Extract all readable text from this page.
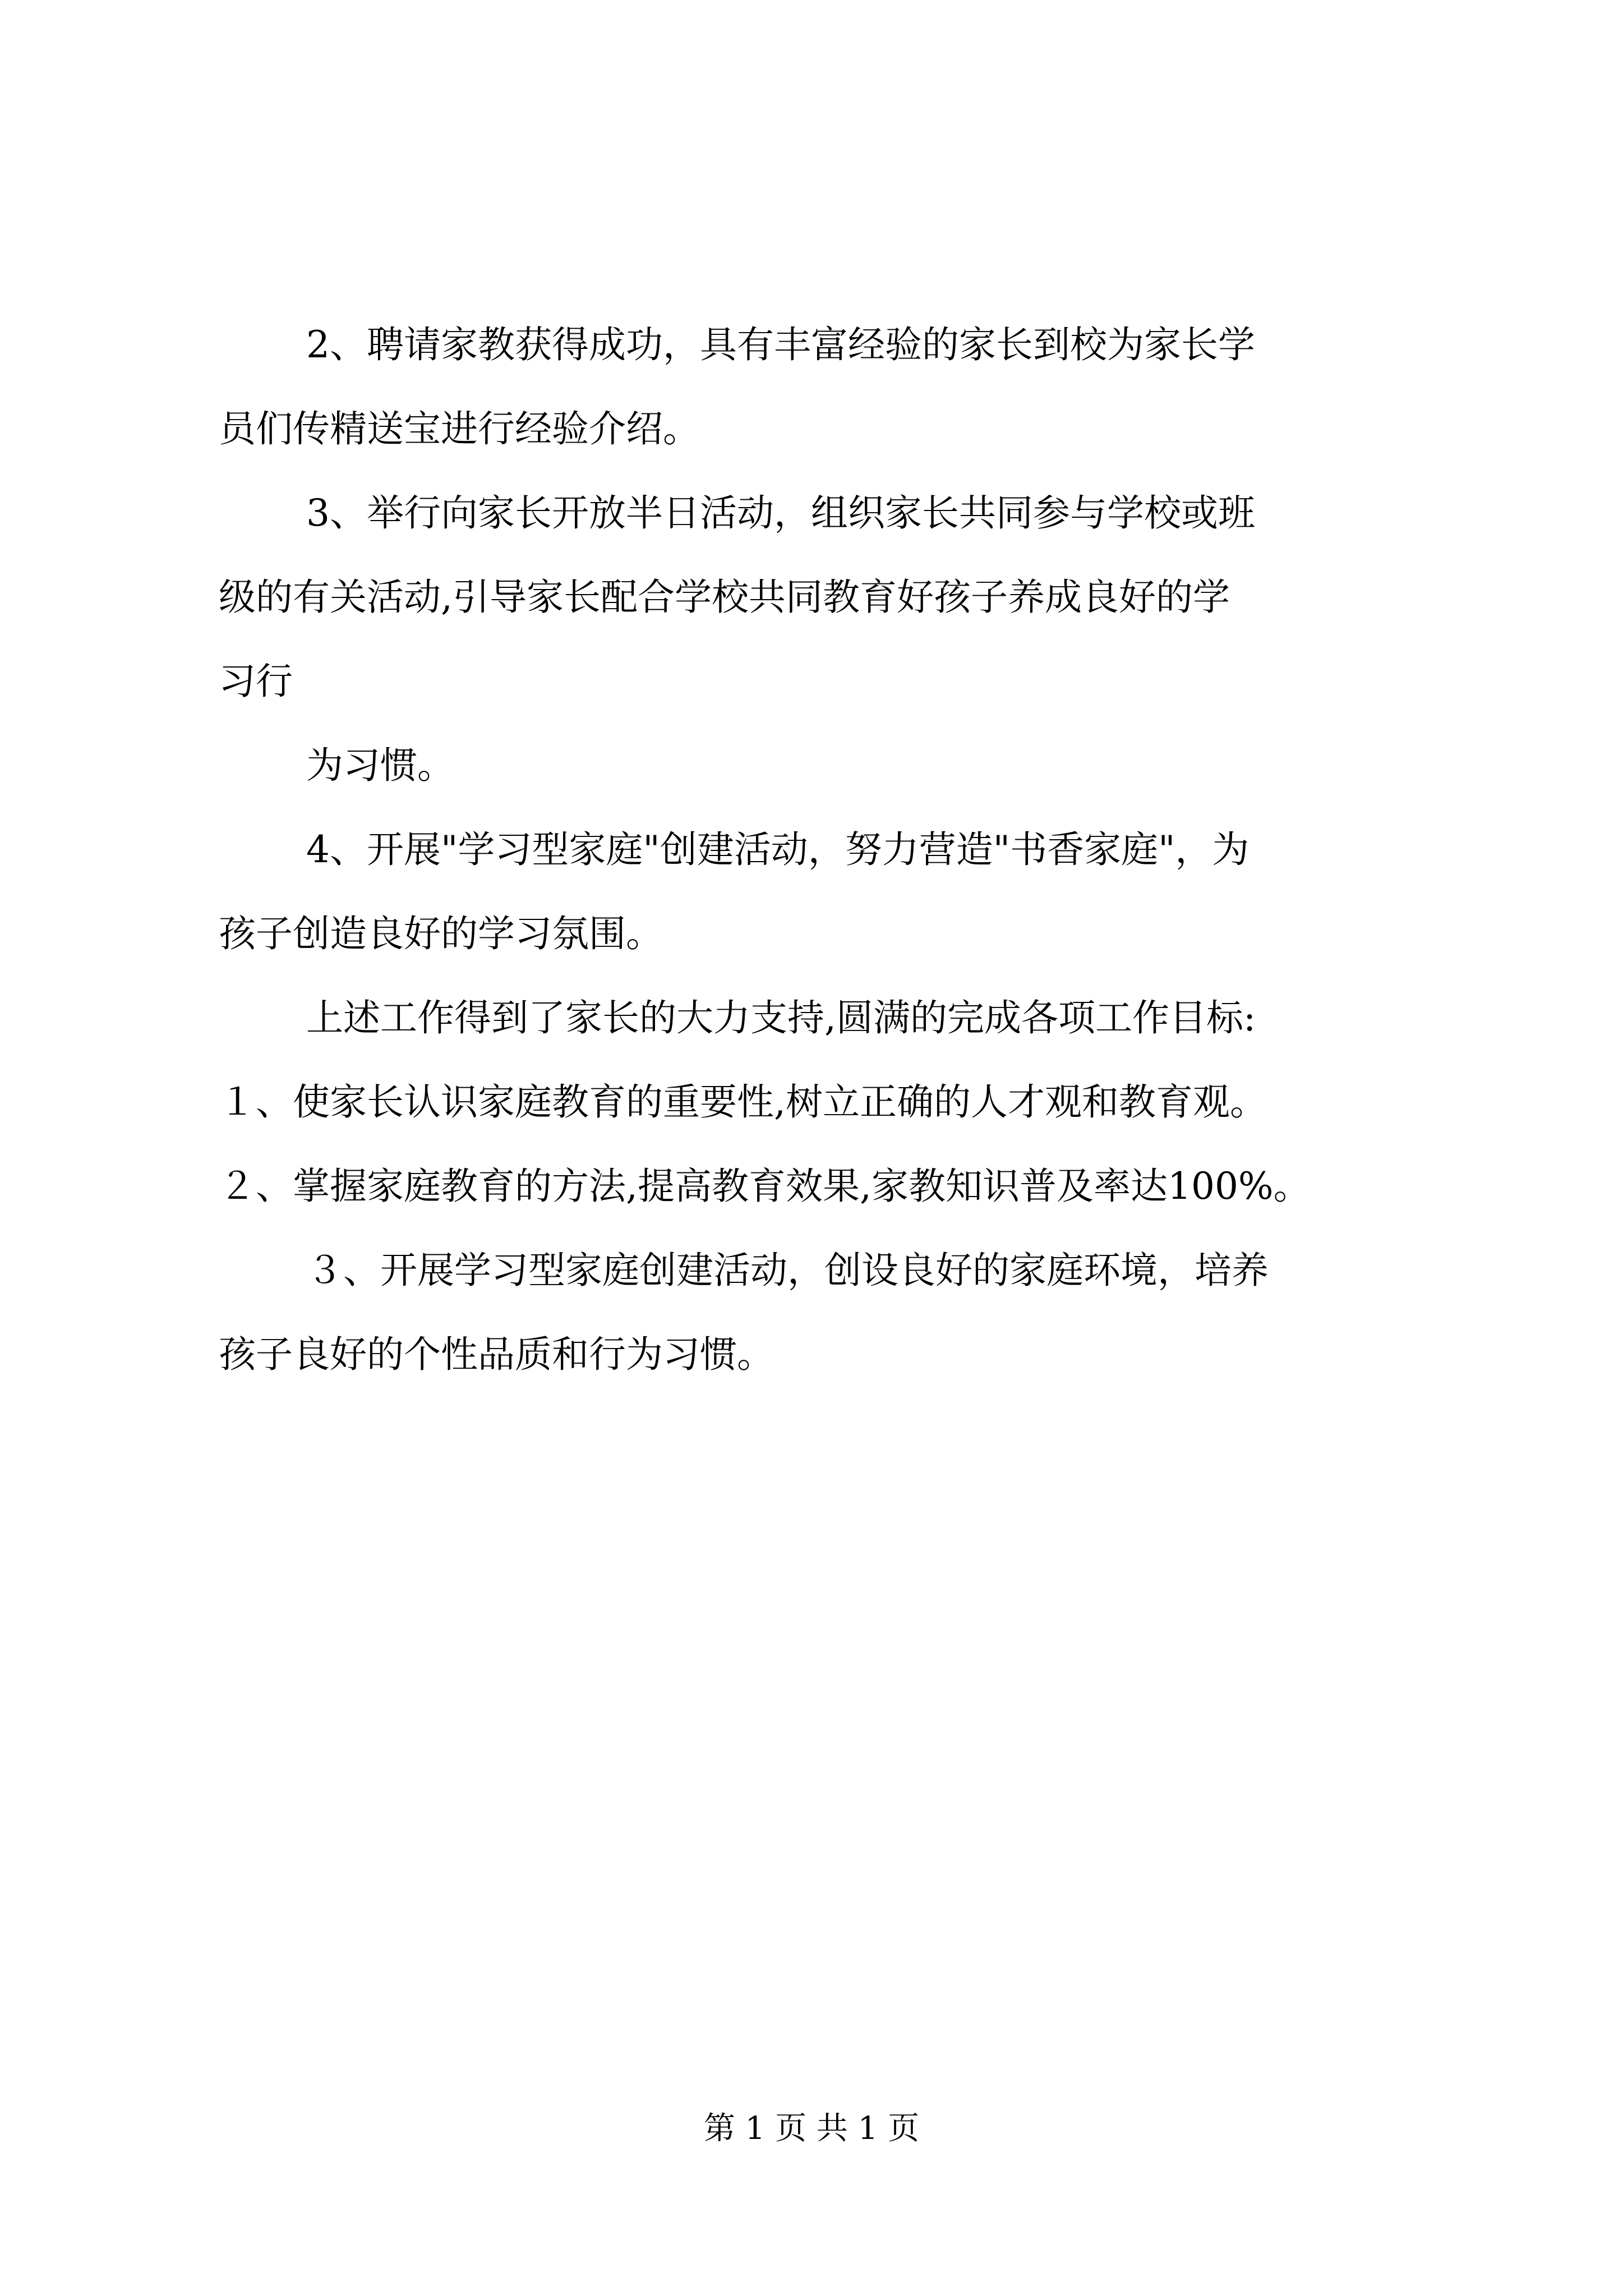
2、聘请家教获得成功，具有丰富经验的家长到校为家长学
员们传精送宝进行经验介绍。

3、举行向家长开放半日活动，组织家长共同参与学校或班
级的有关活动,引导家长配合学校共同教育好孩子养成良好的学
习行

为习惯。

4、开展"学习型家庭"创建活动，努力营造"书香家庭"，为
孩子创造良好的学习氛围。

上述工作得到了家长的大力支持,圆满的完成各项工作目标:

１、使家长认识家庭教育的重要性,树立正确的人才观和教育观。

２、掌握家庭教育的方法,提高教育效果,家教知识普及率达100%。

３、开展学习型家庭创建活动，创设良好的家庭环境，培养
孩子良好的个性品质和行为习惯。

第 1 页 共 1 页
